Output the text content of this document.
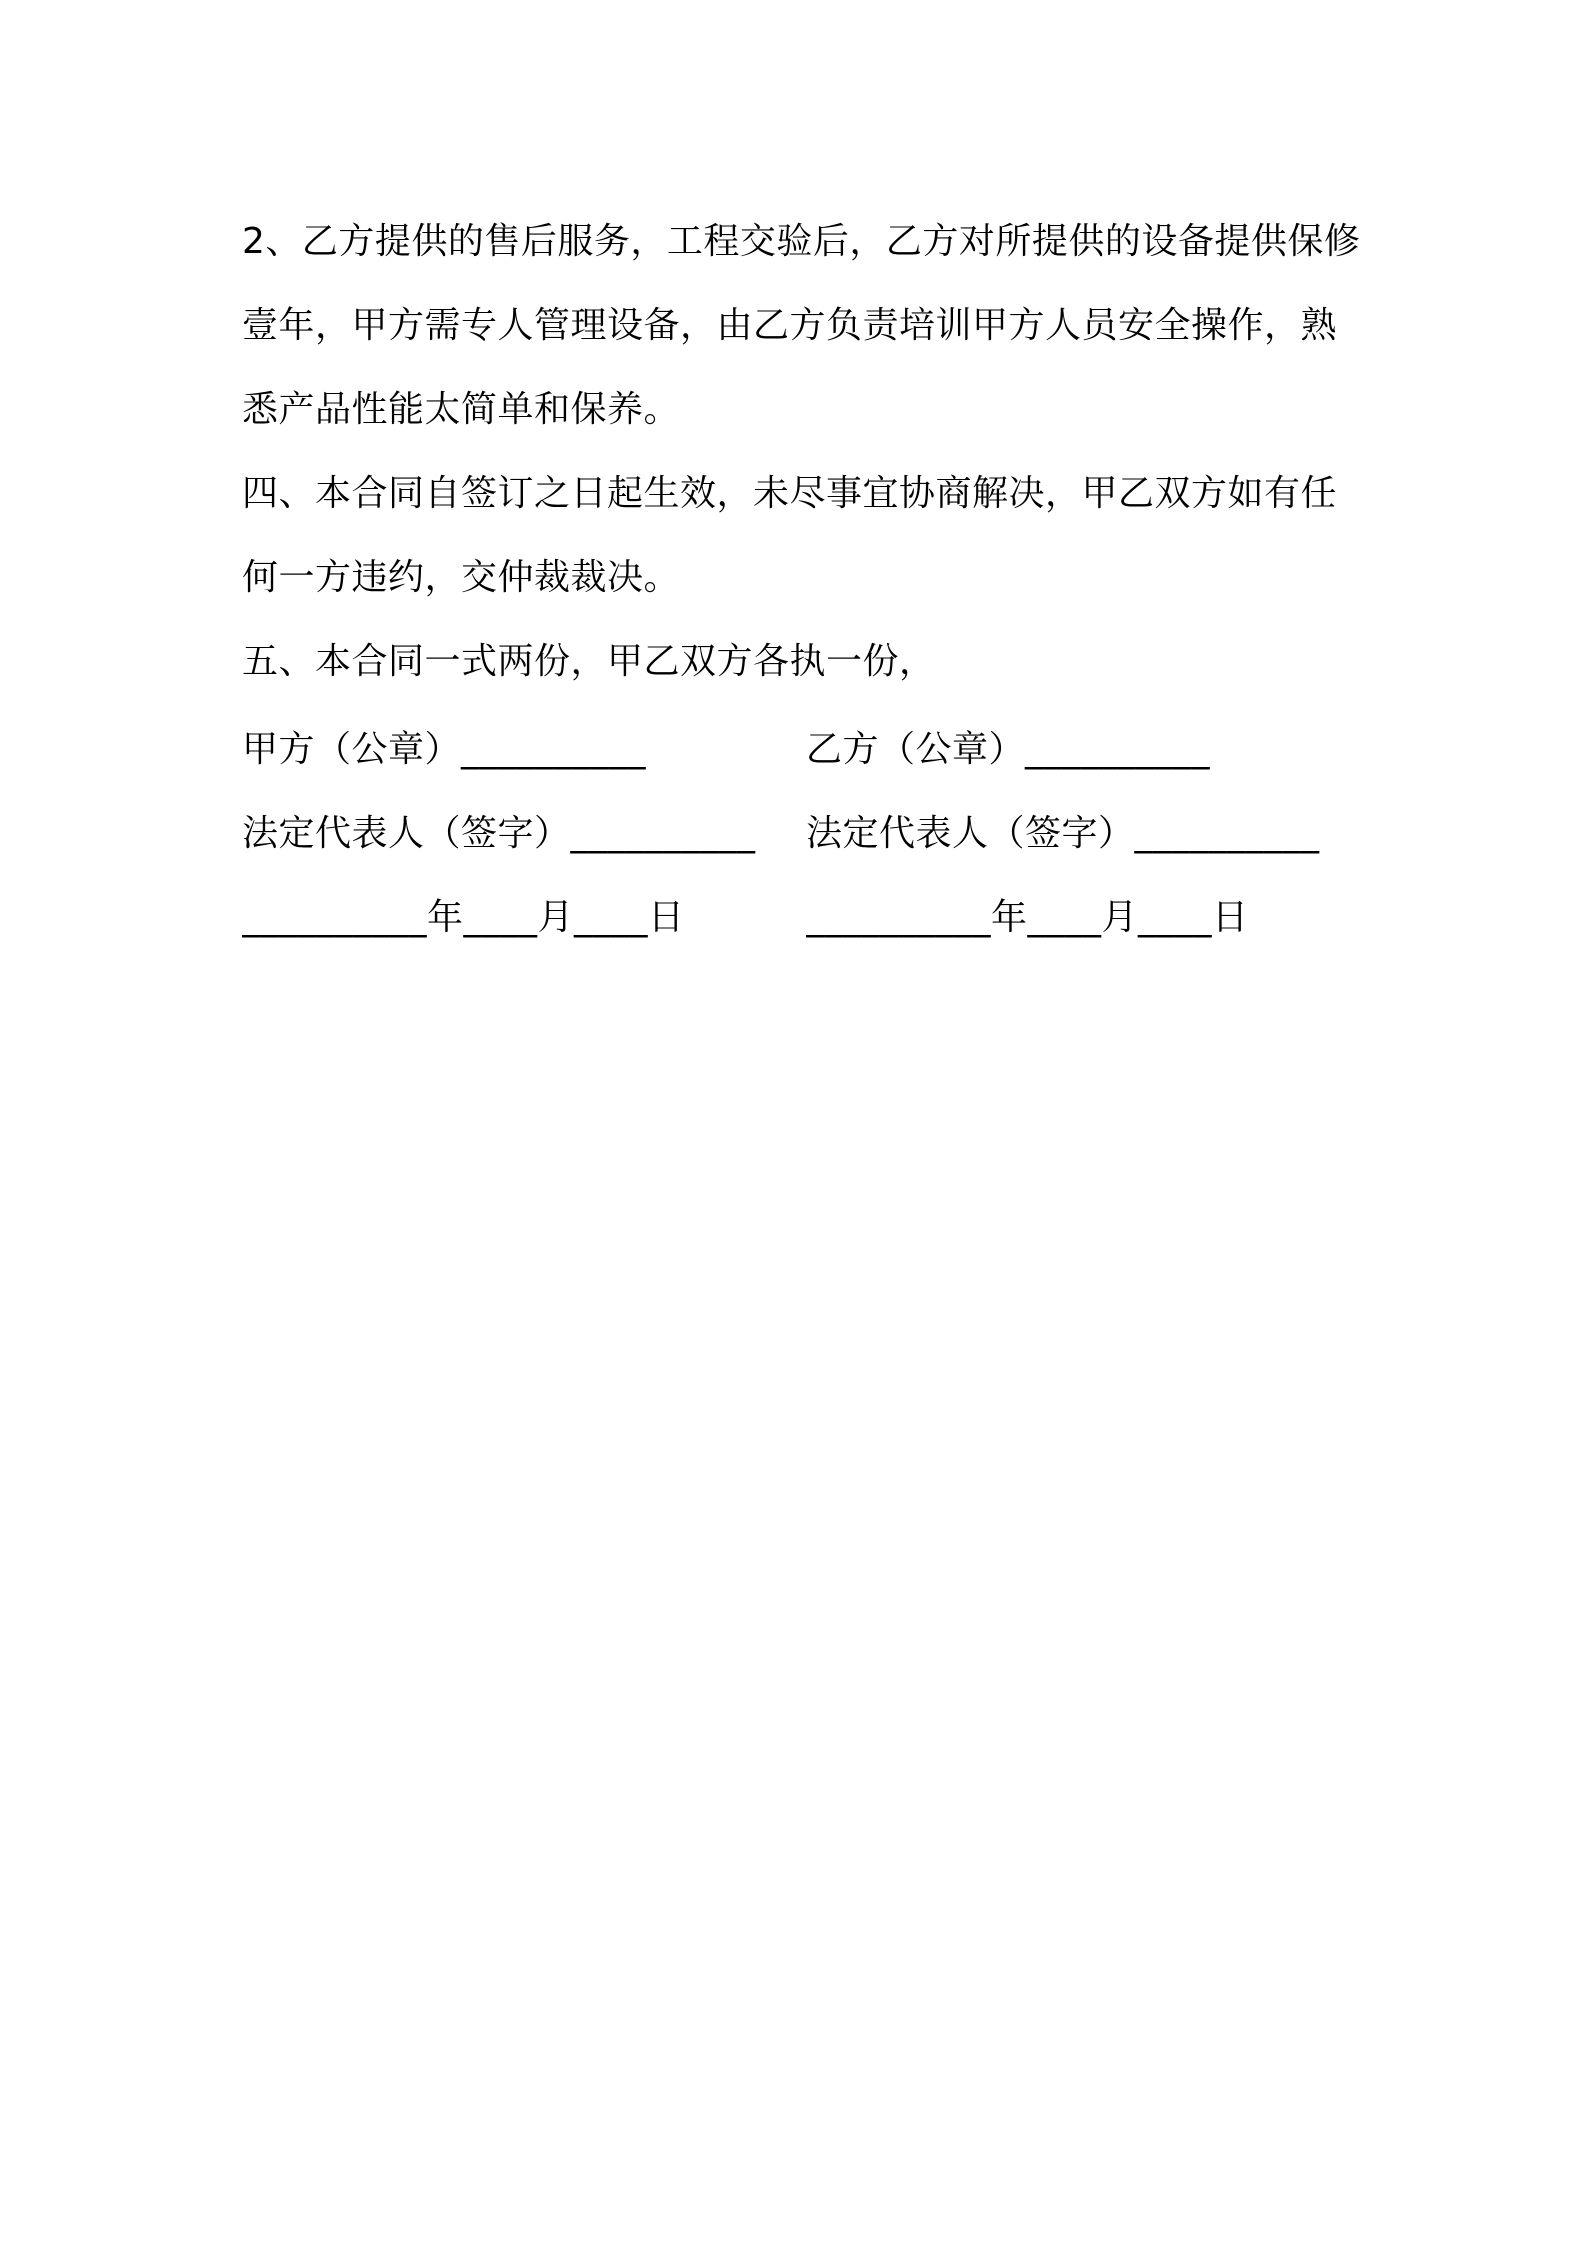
2、乙方提供的售后服务，工程交验后，乙方对所提供的设备提供保修壹年，甲方需专人管理设备，由乙方负责培训甲方人员安全操作，熟悉产品性能太简单和保养。

四、本合同自签订之日起生效，未尽事宜协商解决，甲乙双方如有任何一方违约，交仲裁裁决。

五、本合同一式两份，甲乙双方各执一份，

甲方（公章）__________	乙方（公章）__________
法定代表人（签字）__________	法定代表人（签字）__________
__________年____月____日	__________年____月____日
